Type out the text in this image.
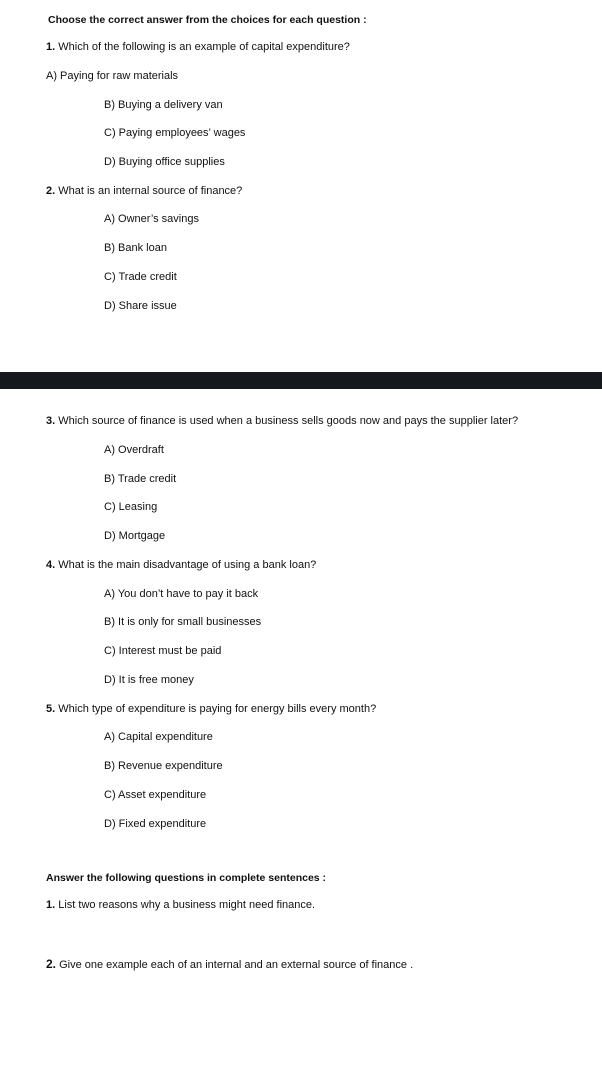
Choose the correct answer from the choices for each question :
1. Which of the following is an example of capital expenditure?
A) Paying for raw materials
B) Buying a delivery van
C) Paying employees’ wages
D) Buying office supplies
2. What is an internal source of finance?
A) Owner’s savings
B) Bank loan
C) Trade credit
D) Share issue
3. Which source of finance is used when a business sells goods now and pays the supplier later?
A) Overdraft
B) Trade credit
C) Leasing
D) Mortgage
4. What is the main disadvantage of using a bank loan?
A) You don’t have to pay it back
B) It is only for small businesses
C) Interest must be paid
D) It is free money
5. Which type of expenditure is paying for energy bills every month?
A) Capital expenditure
B) Revenue expenditure
C) Asset expenditure
D) Fixed expenditure
Answer the following questions in complete sentences :
1. List two reasons why a business might need finance.
2. Give one example each of an internal and an external source of finance .
